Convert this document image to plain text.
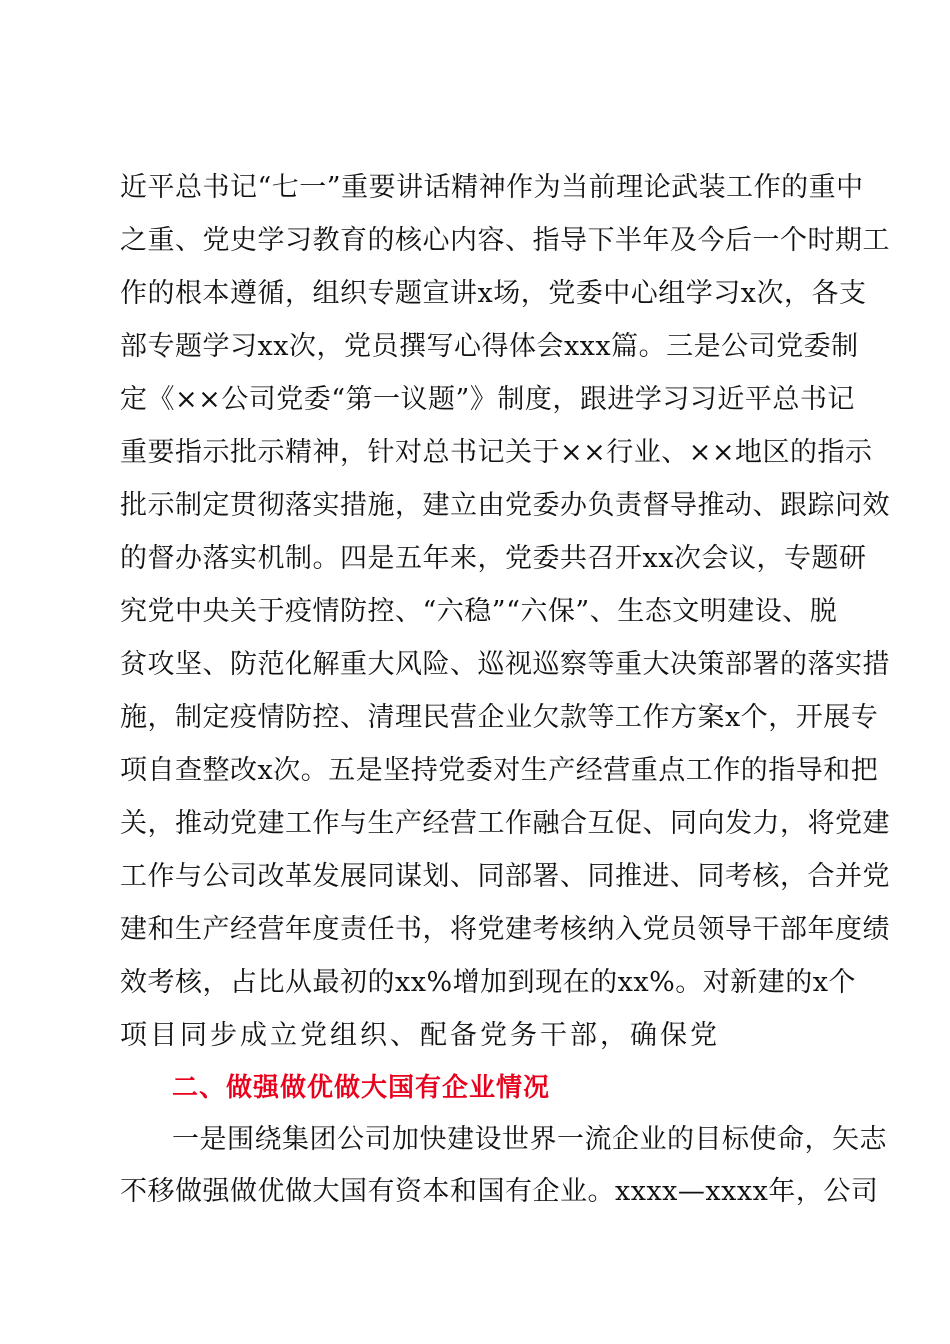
近平总书记“七一”重要讲话精神作为当前理论武装工作的重中
之重、党史学习教育的核心内容、指导下半年及今后一个时期工
作的根本遵循，组织专题宣讲x场，党委中心组学习x次，各支
部专题学习xx次，党员撰写心得体会xxx篇。三是公司党委制
定《××公司党委“第一议题”》制度，跟进学习习近平总书记
重要指示批示精神，针对总书记关于××行业、××地区的指示
批示制定贯彻落实措施，建立由党委办负责督导推动、跟踪问效
的督办落实机制。四是五年来，党委共召开xx次会议，专题研
究党中央关于疫情防控、“六稳”“六保”、生态文明建设、脱
贫攻坚、防范化解重大风险、巡视巡察等重大决策部署的落实措
施，制定疫情防控、清理民营企业欠款等工作方案x个，开展专
项自查整改x次。五是坚持党委对生产经营重点工作的指导和把
关，推动党建工作与生产经营工作融合互促、同向发力，将党建
工作与公司改革发展同谋划、同部署、同推进、同考核，合并党
建和生产经营年度责任书，将党建考核纳入党员领导干部年度绩
效考核，占比从最初的xx%增加到现在的xx%。对新建的x个
项目同步成立党组织、配备党务干部，确保党
二、做强做优做大国有企业情况
一是围绕集团公司加快建设世界一流企业的目标使命，矢志
不移做强做优做大国有资本和国有企业。xxxx—xxxx年，公司
